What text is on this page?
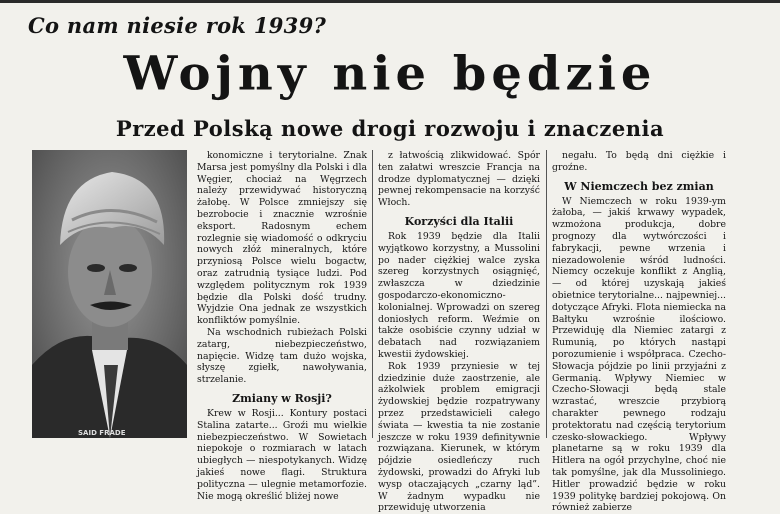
Co nam niesie rok 1939?
Wojny nie będzie
Przed Polską nowe drogi rozwoju i znaczenia
SAID FRADE

konomiczne i terytorialne. Znak Marsa jest pomyślny dla Polski i dla Węgier, chociaż na Węgrzech należy przewidywać historyczną żałobę. W Polsce zmniejszy się bezrobocie i znacznie wzrośnie eksport. Radosnym echem rozlegnie się wiadomość o odkryciu nowych złóż mineralnych, które przyniosą Polsce wielu bogactw, oraz zatrudnią tysiące ludzi. Pod względem politycznym rok 1939 będzie dla Polski dość trudny. Wyjdzie Ona jednak ze wszystkich konfliktów pomyślnie.

Na wschodnich rubieżach Polski zatarg, niebezpieczeństwo, napięcie. Widzę tam dużo wojska, słyszę zgiełk, nawoływania, strzelanie.

Zmiany w Rosji?

Krew w Rosji... Kontury postaci Stalina zatarte... Groźi mu wielkie niebezpieczeństwo. W Sowietach niepokoje o rozmiarach w latach ubiegłych — niespotykanych. Widzę jakieś nowe flagi. Struktura polityczna — ulegnie metamorfozie. Nie mogą określić bliżej nowe

z łatwością zlikwidować. Spór ten załatwi wreszcie Francja na drodze dyplomatycznej — dzięki pewnej rekompensacie na korzyść Włoch.

Korzyści dla Italii

Rok 1939 będzie dla Italii wyjątkowo korzystny, a Mussolini po nader ciężkiej walce zyska szereg korzystnych osiągnięć, zwłaszcza w dziedzinie gospodarczo-ekonomiczno-kolonialnej. Wprowadzi on szereg doniosłych reform. Weźmie on także osobiście czynny udział w debatach nad rozwiązaniem kwestii żydowskiej.

Rok 1939 przyniesie w tej dziedzinie duże zaostrzenie, ale ażkolwiek problem emigracji żydowskiej będzie rozpatrywany przez przedstawicieli całego świata — kwestia ta nie zostanie jeszcze w roku 1939 definitywnie rozwiązana. Kierunek, w którym pójdzie osiedleńczy ruch żydowski, prowadzi do Afryki lub wysp otaczających „czarny ląd”. W żadnym wypadku nie przewiduję utworzenia

negału. To będą dni ciężkie i groźne.

W Niemczech bez zmian

W Niemczech w roku 1939-ym żałoba, — jakiś krwawy wypadek, wzmożona produkcja, dobre prognozy dla wytwórczości i fabrykacji, pewne wrzenia i niezadowolenie wśród ludności. Niemcy oczekuje konflikt z Anglią, — od której uzyskają jakieś obietnice terytorialne... najpewniej... dotyczące Afryki. Flota niemiecka na Bałtyku wzrośnie ilościowo. Przewiduję dla Niemiec zatargi z Rumunią, po których nastąpi porozumienie i współpraca. Czecho-Słowacja pójdzie po linii przyjaźni z Germanią. Wpływy Niemiec w Czecho-Słowacji będą stale wzrastać, wreszcie przybiorą charakter pewnego rodzaju protektoratu nad częścią terytorium czesko-słowackiego. Wpływy planetarne są w roku 1939 dla Hitlera na ogół przychylne, choć nie tak pomyślne, jak dla Mussoliniego. Hitler prowadzić będzie w roku 1939 politykę bardziej pokojową. On również zabierze
